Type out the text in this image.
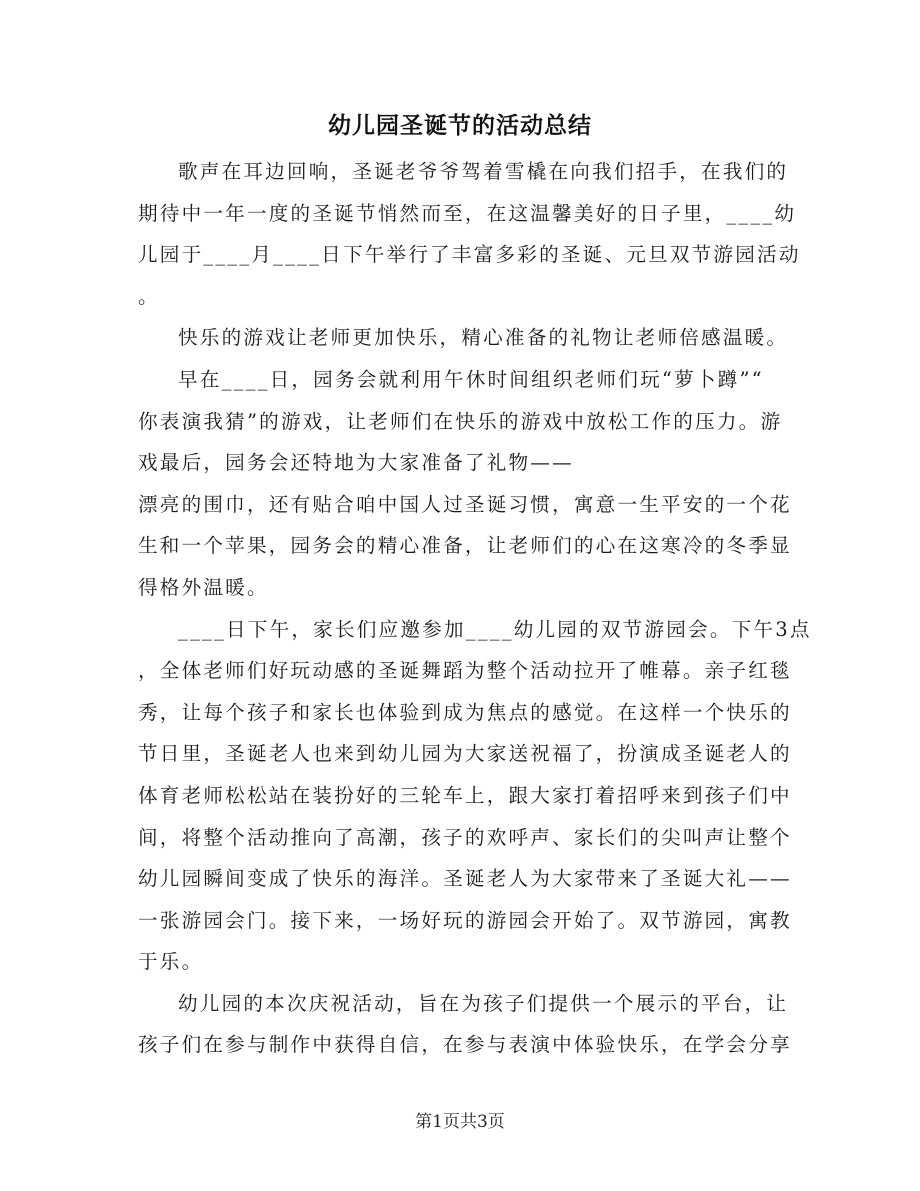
幼儿园圣诞节的活动总结
歌声在耳边回响，圣诞老爷爷驾着雪橇在向我们招手，在我们的
期待中一年一度的圣诞节悄然而至，在这温馨美好的日子里，____幼
儿园于____月____日下午举行了丰富多彩的圣诞、元旦双节游园活动
。
快乐的游戏让老师更加快乐，精心准备的礼物让老师倍感温暖。
早在____日，园务会就利用午休时间组织老师们玩“萝卜蹲”“
你表演我猜”的游戏，让老师们在快乐的游戏中放松工作的压力。游
戏最后，园务会还特地为大家准备了礼物——
漂亮的围巾，还有贴合咱中国人过圣诞习惯，寓意一生平安的一个花
生和一个苹果，园务会的精心准备，让老师们的心在这寒冷的冬季显
得格外温暖。
____日下午，家长们应邀参加____幼儿园的双节游园会。下午3点
，全体老师们好玩动感的圣诞舞蹈为整个活动拉开了帷幕。亲子红毯
秀，让每个孩子和家长也体验到成为焦点的感觉。在这样一个快乐的
节日里，圣诞老人也来到幼儿园为大家送祝福了，扮演成圣诞老人的
体育老师松松站在装扮好的三轮车上，跟大家打着招呼来到孩子们中
间，将整个活动推向了高潮，孩子的欢呼声、家长们的尖叫声让整个
幼儿园瞬间变成了快乐的海洋。圣诞老人为大家带来了圣诞大礼——
一张游园会门。接下来，一场好玩的游园会开始了。双节游园，寓教
于乐。
幼儿园的本次庆祝活动，旨在为孩子们提供一个展示的平台，让
孩子们在参与制作中获得自信，在参与表演中体验快乐，在学会分享
第1页共3页
